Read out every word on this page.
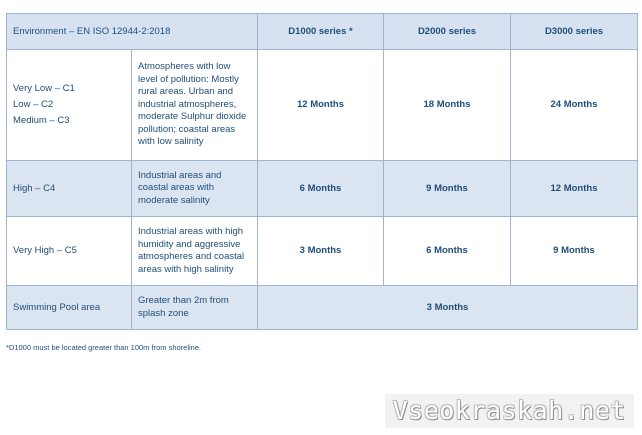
Environment – EN ISO 12944-2:2018		D1000 series *	D2000 series	D3000 series

Very Low – C1
Low – C2
Medium – C3	Atmospheres with low level of pollution: Mostly rural areas. Urban and industrial atmospheres, moderate Sulphur dioxide pollution; coastal areas with low salinity	12 Months	18 Months	24 Months
High – C4	Industrial areas and coastal areas with moderate salinity	6 Months	9 Months	12 Months
Very High – C5	Industrial areas with high humidity and aggressive atmospheres and coastal areas with high salinity	3 Months	6 Months	9 Months
Swimming Pool area	Greater than 2m from splash zone	3 Months		
*D1000 must be located greater than 100m from shoreline.
Vseokraskah.net
